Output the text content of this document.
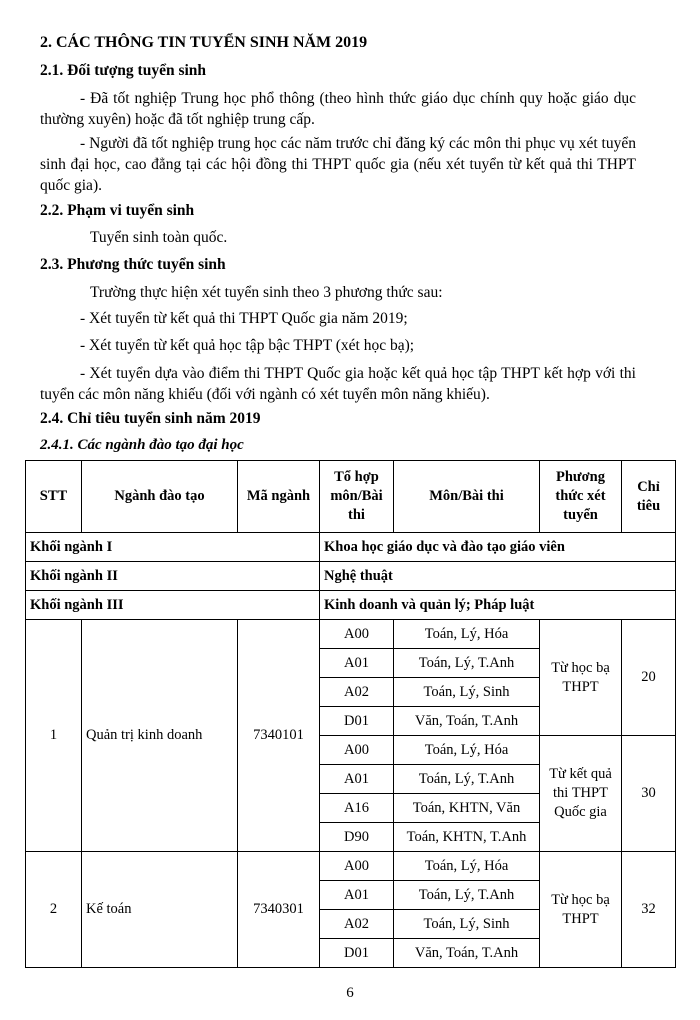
2. CÁC THÔNG TIN TUYỂN SINH NĂM 2019
2.1. Đối tượng tuyển sinh
- Đã tốt nghiệp Trung học phổ thông (theo hình thức giáo dục chính quy hoặc giáo dục thường xuyên) hoặc đã tốt nghiệp trung cấp.
- Người đã tốt nghiệp trung học các năm trước chỉ đăng ký các môn thi phục vụ xét tuyển sinh đại học, cao đẳng tại các hội đồng thi THPT quốc gia (nếu xét tuyển từ kết quả thi THPT quốc gia).
2.2. Phạm vi tuyển sinh
Tuyển sinh toàn quốc.
2.3. Phương thức tuyển sinh
Trường thực hiện xét tuyển sinh theo 3 phương thức sau:
- Xét tuyển từ kết quả thi THPT Quốc gia năm 2019;
- Xét tuyển từ kết quả học tập bậc THPT (xét học bạ);
- Xét tuyển dựa vào điểm thi THPT Quốc gia hoặc kết quả học tập THPT kết hợp với thi tuyển các môn năng khiếu (đối với ngành có xét tuyển môn năng khiếu).
2.4. Chỉ tiêu tuyển sinh năm 2019
2.4.1. Các ngành đào tạo đại học
STT	Ngành đào tạo	Mã ngành	Tổ hợp môn/Bài thi	Môn/Bài thi	Phương thức xét tuyển	Chỉ tiêu
Khối ngành I			Khoa học giáo dục và đào tạo giáo viên			
Khối ngành II			Nghệ thuật			
Khối ngành III			Kinh doanh và quản lý; Pháp luật			
1	Quản trị kinh doanh	7340101	A00	Toán, Lý, Hóa	Từ học bạ THPT	20
			A01	Toán, Lý, T.Anh		
			A02	Toán, Lý, Sinh		
			D01	Văn, Toán, T.Anh		
			A00	Toán, Lý, Hóa	Từ kết quả thi THPT Quốc gia	30
			A01	Toán, Lý, T.Anh		
			A16	Toán, KHTN, Văn		
			D90	Toán, KHTN, T.Anh		
2	Kế toán	7340301	A00	Toán, Lý, Hóa	Từ học bạ THPT	32
			A01	Toán, Lý, T.Anh		
			A02	Toán, Lý, Sinh		
			D01	Văn, Toán, T.Anh		
6
